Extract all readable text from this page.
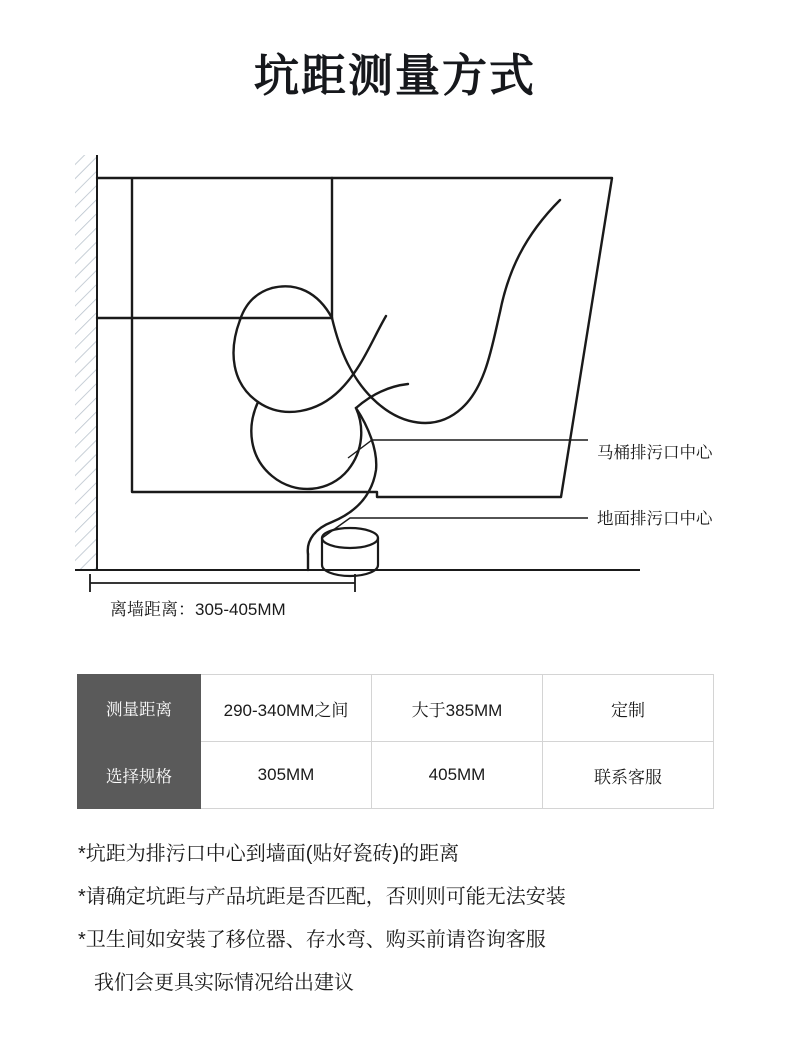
坑距测量方式
马桶排污口中心
地面排污口中心
离墙距离：305-405MM
测量距离	290-340MM之间	大于385MM	定制
选择规格	305MM	405MM	联系客服

*坑距为排污口中心到墙面(贴好瓷砖)的距离

*请确定坑距与产品坑距是否匹配，否则则可能无法安装

*卫生间如安装了移位器、存水弯、购买前请咨询客服

我们会更具实际情况给出建议
